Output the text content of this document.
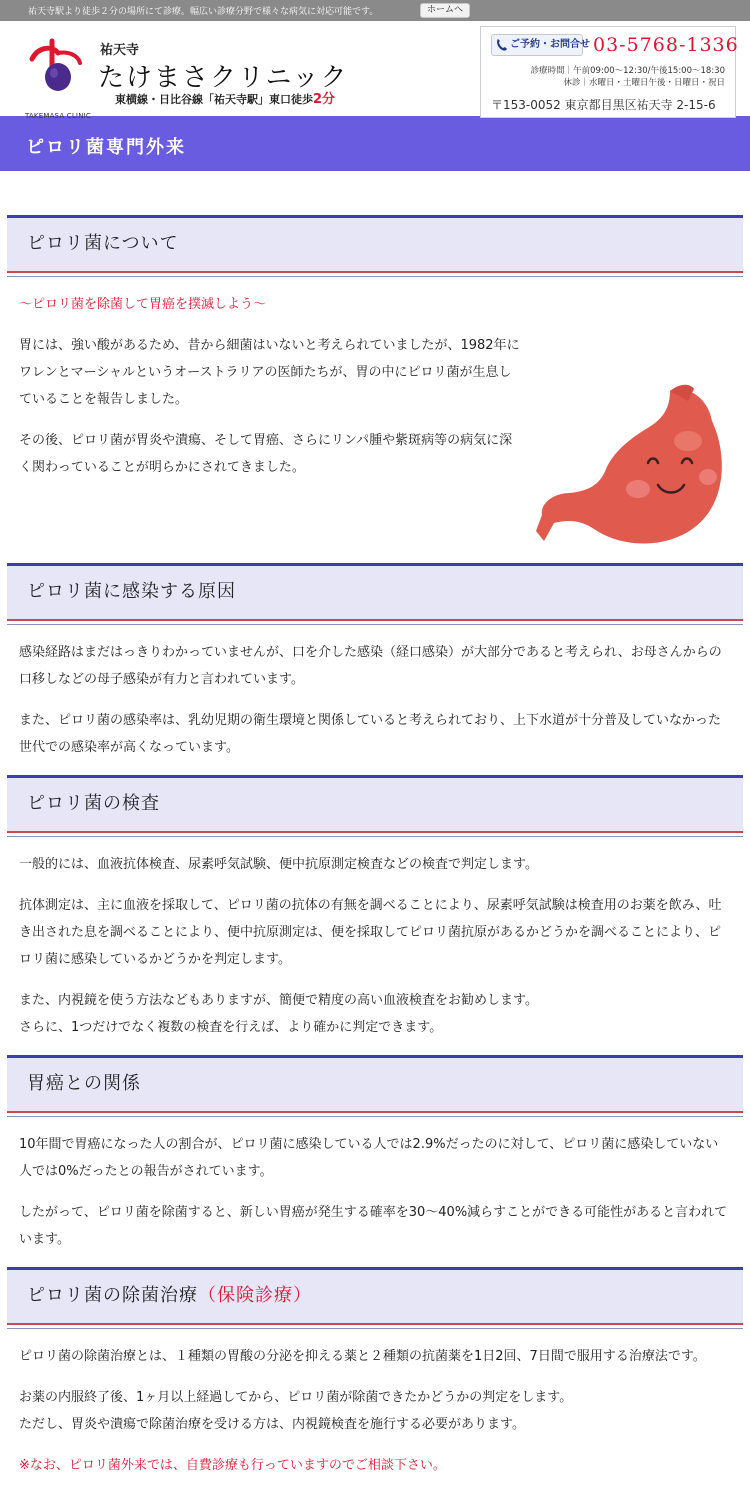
祐天寺駅より徒歩２分の場所にて診療。幅広い診療分野で様々な病気に対応可能です。	ホームへ
TAKEMASA CLINIC
祐天寺
たけまさクリニック
東横線・日比谷線「祐天寺駅」東口徒歩2分
ご予約・お問合せ 03-5768-1336
診療時間｜午前09:00～12:30/午後15:00～18:30
休診｜水曜日・土曜日午後・日曜日・祝日
〒153-0052 東京都目黒区祐天寺 2-15-6
ピロリ菌専門外来
ピロリ菌について

～ピロリ菌を除菌して胃癌を撲滅しよう～

胃には、強い酸があるため、昔から細菌はいないと考えられていましたが、1982年にワレンとマーシャルというオーストラリアの医師たちが、胃の中にピロリ菌が生息していることを報告しました。

その後、ピロリ菌が胃炎や潰瘍、そして胃癌、さらにリンパ腫や紫斑病等の病気に深く関わっていることが明らかにされてきました。

ピロリ菌に感染する原因

感染経路はまだはっきりわかっていませんが、口を介した感染（経口感染）が大部分であると考えられ、お母さんからの口移しなどの母子感染が有力と言われています。

また、ピロリ菌の感染率は、乳幼児期の衛生環境と関係していると考えられており、上下水道が十分普及していなかった世代での感染率が高くなっています。

ピロリ菌の検査

一般的には、血液抗体検査、尿素呼気試験、便中抗原測定検査などの検査で判定します。

抗体測定は、主に血液を採取して、ピロリ菌の抗体の有無を調べることにより、尿素呼気試験は検査用のお薬を飲み、吐き出された息を調べることにより、便中抗原測定は、便を採取してピロリ菌抗原があるかどうかを調べることにより、ピロリ菌に感染しているかどうかを判定します。

また、内視鏡を使う方法などもありますが、簡便で精度の高い血液検査をお勧めします。
さらに、1つだけでなく複数の検査を行えば、より確かに判定できます。

胃癌との関係

10年間で胃癌になった人の割合が、ピロリ菌に感染している人では2.9%だったのに対して、ピロリ菌に感染していない人では0%だったとの報告がされています。

したがって、ピロリ菌を除菌すると、新しい胃癌が発生する確率を30～40%減らすことができる可能性があると言われています。

ピロリ菌の除菌治療（保険診療）

ピロリ菌の除菌治療とは、１種類の胃酸の分泌を抑える薬と２種類の抗菌薬を1日2回、7日間で服用する治療法です。

お薬の内服終了後、1ヶ月以上経過してから、ピロリ菌が除菌できたかどうかの判定をします。
ただし、胃炎や潰瘍で除菌治療を受ける方は、内視鏡検査を施行する必要があります。

※なお、ピロリ菌外来では、自費診療も行っていますのでご相談下さい。
